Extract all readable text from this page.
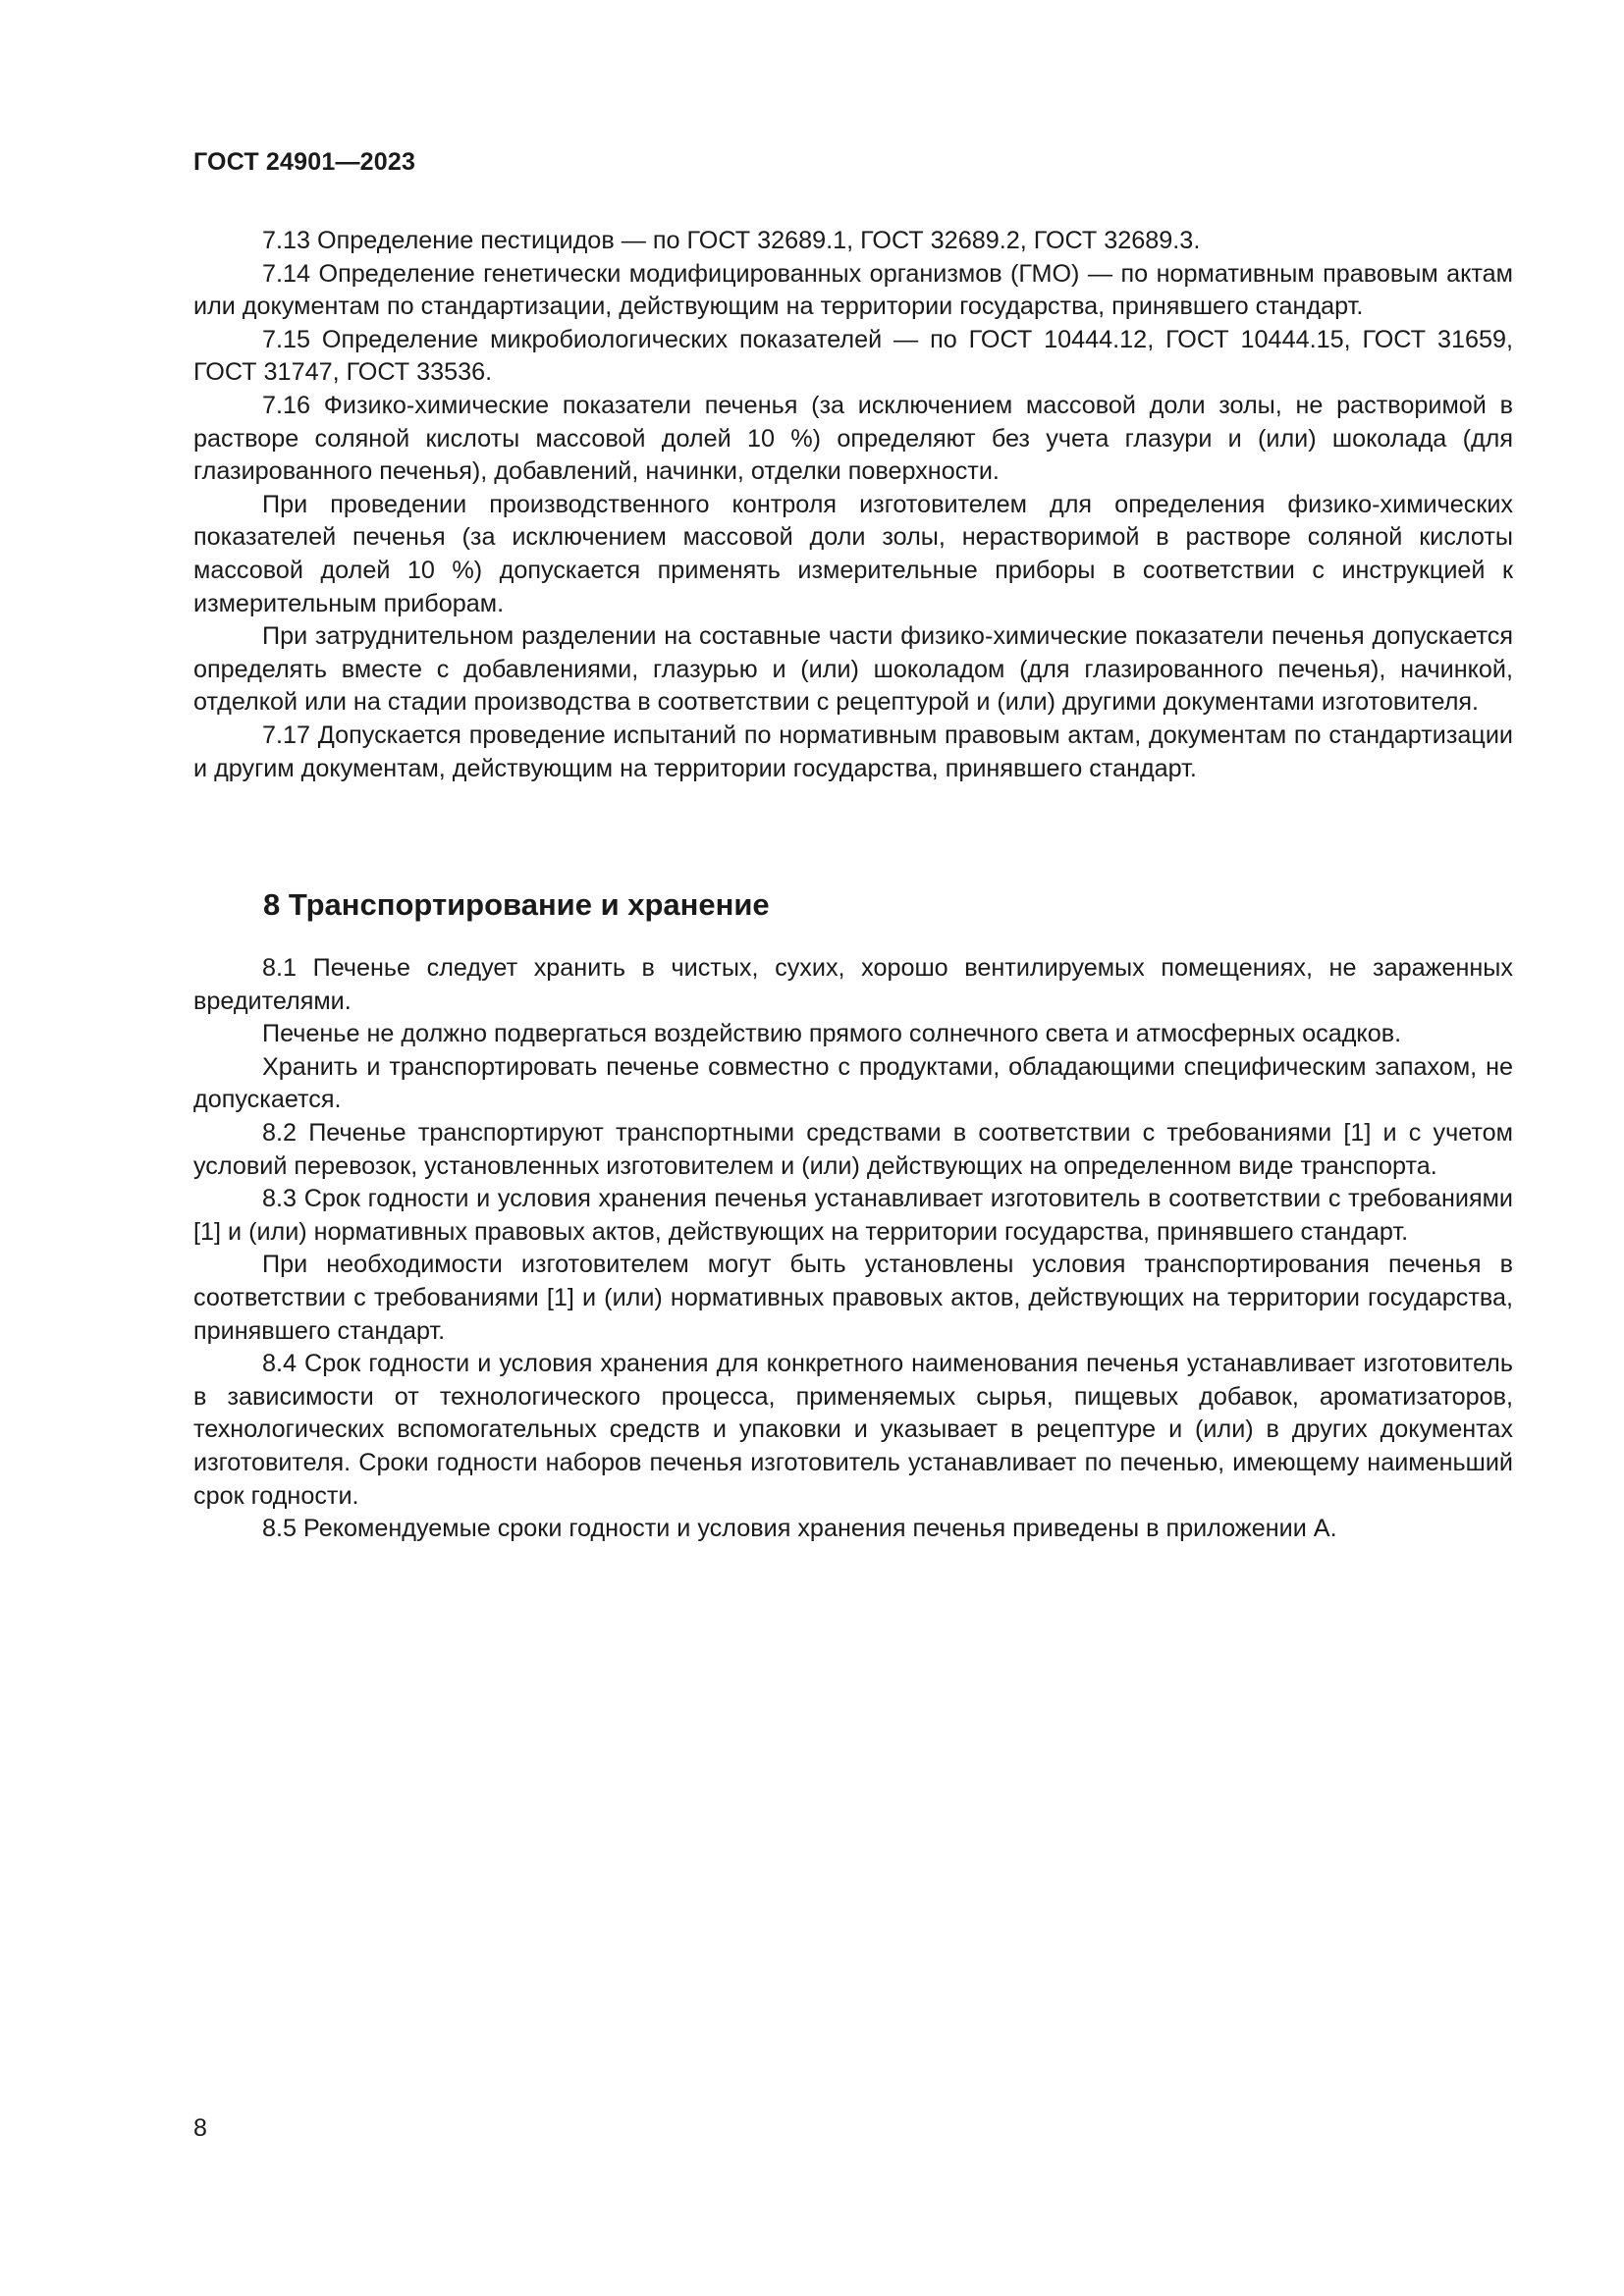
ГОСТ 24901—2023

7.13 Определение пестицидов — по ГОСТ 32689.1, ГОСТ 32689.2, ГОСТ 32689.3.

7.14 Определение генетически модифицированных организмов (ГМО) — по нормативным правовым актам или документам по стандартизации, действующим на территории государства, принявшего стандарт.

7.15 Определение микробиологических показателей — по ГОСТ 10444.12, ГОСТ 10444.15, ГОСТ 31659, ГОСТ 31747, ГОСТ 33536.

7.16 Физико-химические показатели печенья (за исключением массовой доли золы, не растворимой в растворе соляной кислоты массовой долей 10 %) определяют без учета глазури и (или) шоколада (для глазированного печенья), добавлений, начинки, отделки поверхности.

При проведении производственного контроля изготовителем для определения физико-химических показателей печенья (за исключением массовой доли золы, нерастворимой в растворе соляной кислоты массовой долей 10 %) допускается применять измерительные приборы в соответствии с инструкцией к измерительным приборам.

При затруднительном разделении на составные части физико-химические показатели печенья допускается определять вместе с добавлениями, глазурью и (или) шоколадом (для глазированного печенья), начинкой, отделкой или на стадии производства в соответствии с рецептурой и (или) другими документами изготовителя.

7.17 Допускается проведение испытаний по нормативным правовым актам, документам по стандартизации и другим документам, действующим на территории государства, принявшего стандарт.

8 Транспортирование и хранение

8.1 Печенье следует хранить в чистых, сухих, хорошо вентилируемых помещениях, не зараженных вредителями.

Печенье не должно подвергаться воздействию прямого солнечного света и атмосферных осадков.

Хранить и транспортировать печенье совместно с продуктами, обладающими специфическим запахом, не допускается.

8.2 Печенье транспортируют транспортными средствами в соответствии с требованиями [1] и с учетом условий перевозок, установленных изготовителем и (или) действующих на определенном виде транспорта.

8.3 Срок годности и условия хранения печенья устанавливает изготовитель в соответствии с требованиями [1] и (или) нормативных правовых актов, действующих на территории государства, принявшего стандарт.

При необходимости изготовителем могут быть установлены условия транспортирования печенья в соответствии с требованиями [1] и (или) нормативных правовых актов, действующих на территории государства, принявшего стандарт.

8.4 Срок годности и условия хранения для конкретного наименования печенья устанавливает изготовитель в зависимости от технологического процесса, применяемых сырья, пищевых добавок, ароматизаторов, технологических вспомогательных средств и упаковки и указывает в рецептуре и (или) в других документах изготовителя. Сроки годности наборов печенья изготовитель устанавливает по печенью, имеющему наименьший срок годности.

8.5 Рекомендуемые сроки годности и условия хранения печенья приведены в приложении А.

8
